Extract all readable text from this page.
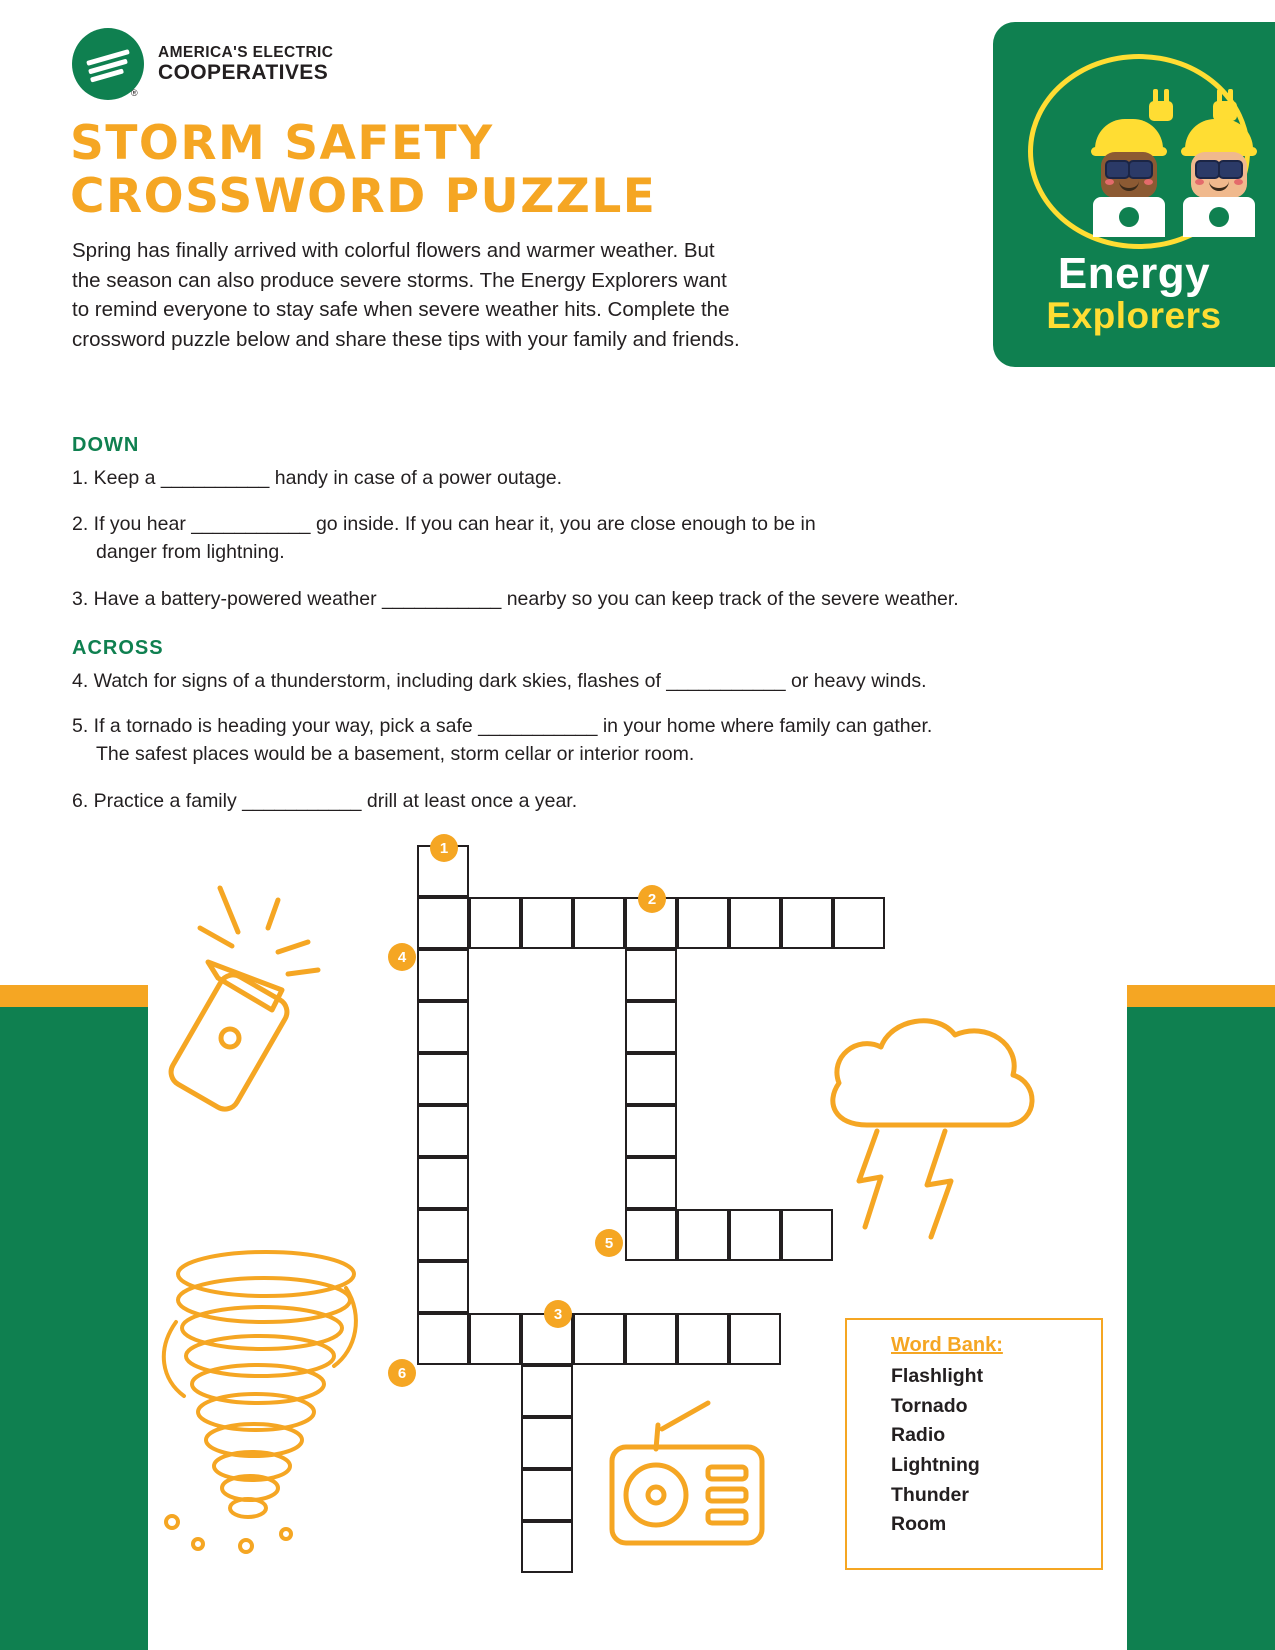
AMERICA'S ELECTRIC
COOPERATIVES
®
STORM SAFETY
CROSSWORD PUZZLE
Spring has finally arrived with colorful flowers and warmer weather. But the season can also produce severe storms. The Energy Explorers want to remind everyone to stay safe when severe weather hits. Complete the crossword puzzle below and share these tips with your family and friends.
Energy
Explorers
DOWN
1. Keep a __________ handy in case of a power outage.
2. If you hear ___________ go inside. If you can hear it, you are close enough to be in
danger from lightning.
3. Have a battery-powered weather ___________ nearby so you can keep track of the severe weather.
ACROSS
4. Watch for signs of a thunderstorm, including dark skies, flashes of ___________ or heavy winds.
5. If a tornado is heading your way, pick a safe ___________ in your home where family can gather.
The safest places would be a basement, storm cellar or interior room.
6. Practice a family ___________ drill at least once a year.
1
2
4
5
3
6
Word Bank:
Flashlight
Tornado
Radio
Lightning
Thunder
Room
